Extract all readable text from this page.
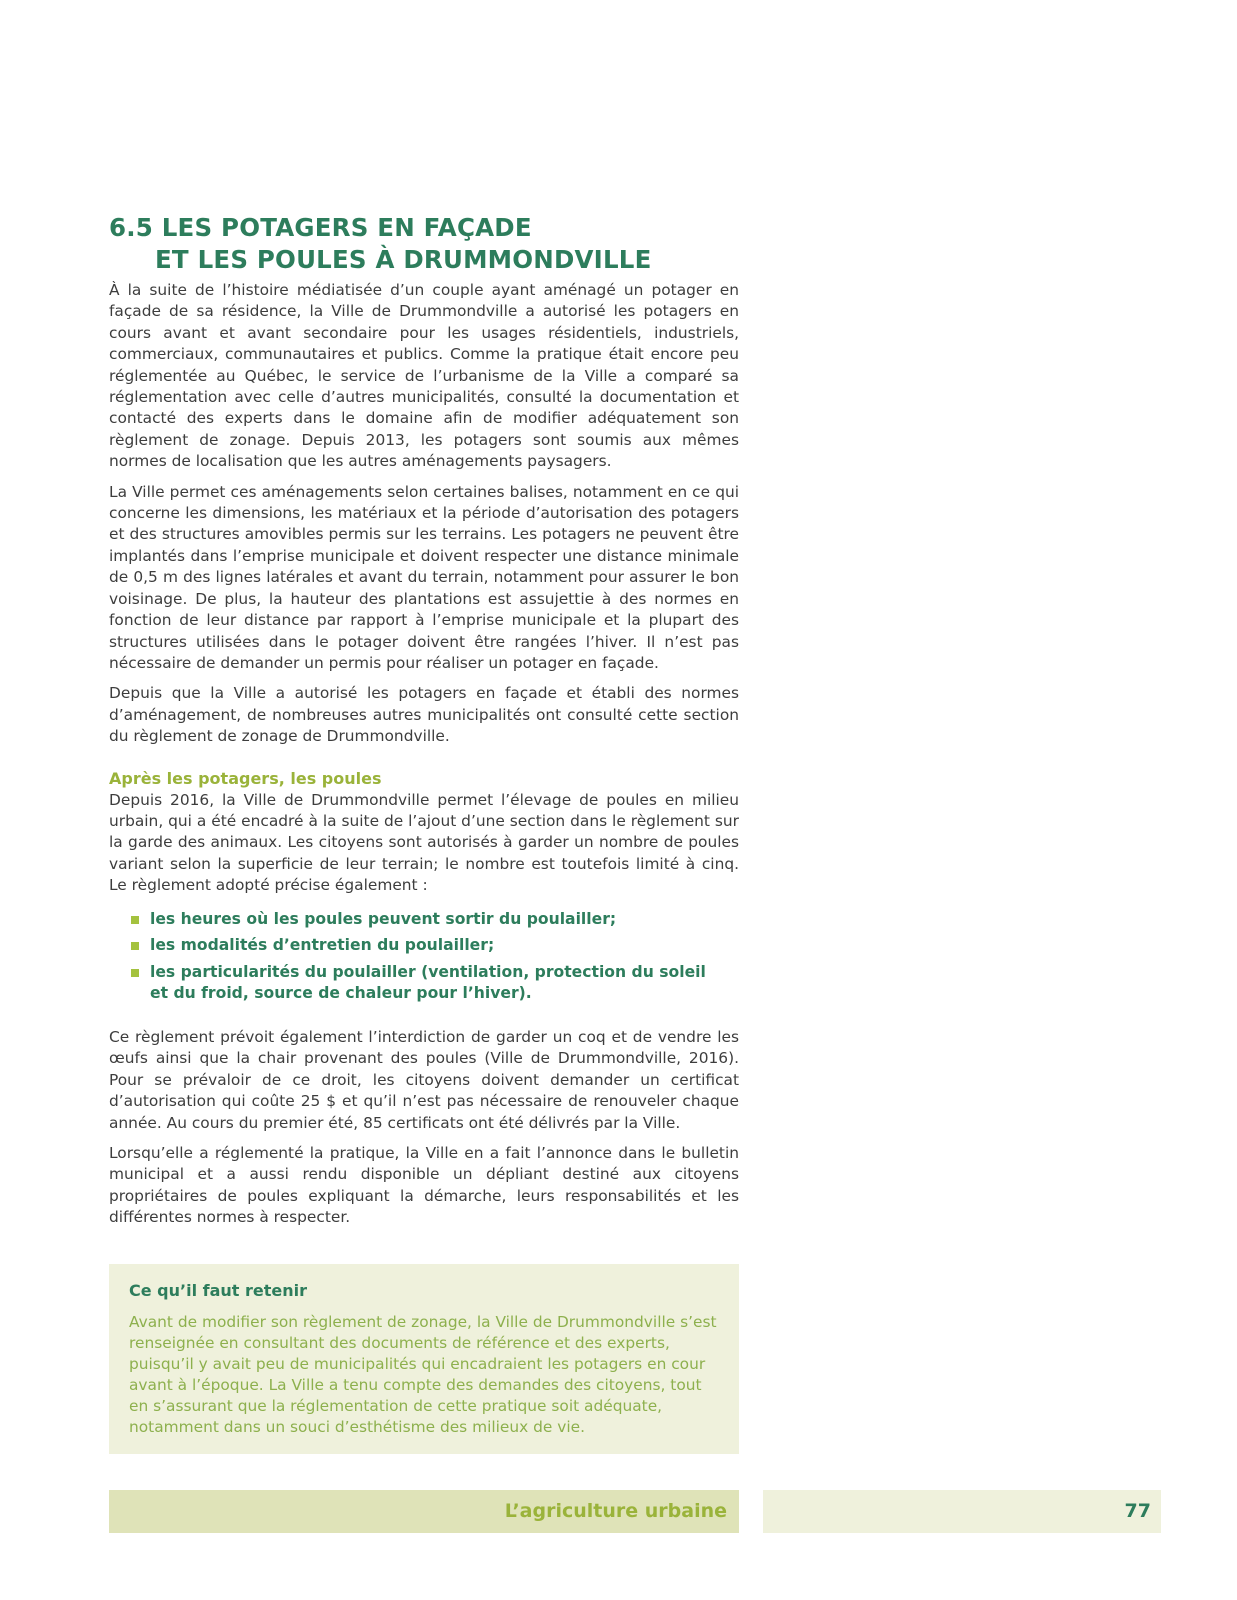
6.5 LES POTAGERS EN FAÇADE
ET LES POULES À DRUMMONDVILLE

À la suite de l’histoire médiatisée d’un couple ayant aménagé un potager en façade de sa résidence, la Ville de Drummondville a autorisé les potagers en cours avant et avant secondaire pour les usages résidentiels, industriels, commerciaux, communautaires et publics. Comme la pratique était encore peu réglementée au Québec, le service de l’urbanisme de la Ville a comparé sa réglementation avec celle d’autres municipalités, consulté la documentation et contacté des experts dans le domaine afin de modifier adéquatement son règlement de zonage. Depuis 2013, les potagers sont soumis aux mêmes normes de localisation que les autres aménagements paysagers.

La Ville permet ces aménagements selon certaines balises, notamment en ce qui concerne les dimensions, les matériaux et la période d’autorisation des potagers et des structures amovibles permis sur les terrains. Les potagers ne peuvent être implantés dans l’emprise municipale et doivent respecter une distance minimale de 0,5 m des lignes latérales et avant du terrain, notamment pour assurer le bon voisinage. De plus, la hauteur des plantations est assujettie à des normes en fonction de leur distance par rapport à l’emprise municipale et la plupart des structures utilisées dans le potager doivent être rangées l’hiver. Il n’est pas nécessaire de demander un permis pour réaliser un potager en façade.

Depuis que la Ville a autorisé les potagers en façade et établi des normes d’aménagement, de nombreuses autres municipalités ont consulté cette section du règlement de zonage de Drummondville.

Après les potagers, les poules

Depuis 2016, la Ville de Drummondville permet l’élevage de poules en milieu urbain, qui a été encadré à la suite de l’ajout d’une section dans le règlement sur la garde des animaux. Les citoyens sont autorisés à garder un nombre de poules variant selon la superficie de leur terrain; le nombre est toutefois limité à cinq. Le règlement adopté précise également :

les heures où les poules peuvent sortir du poulailler;
les modalités d’entretien du poulailler;
les particularités du poulailler (ventilation, protection du soleil et du froid, source de chaleur pour l’hiver).

Ce règlement prévoit également l’interdiction de garder un coq et de vendre les œufs ainsi que la chair provenant des poules (Ville de Drummondville, 2016). Pour se prévaloir de ce droit, les citoyens doivent demander un certificat d’autorisation qui coûte 25 $ et qu’il n’est pas nécessaire de renouveler chaque année. Au cours du premier été, 85 certificats ont été délivrés par la Ville.

Lorsqu’elle a réglementé la pratique, la Ville en a fait l’annonce dans le bulletin municipal et a aussi rendu disponible un dépliant destiné aux citoyens propriétaires de poules expliquant la démarche, leurs responsabilités et les différentes normes à respecter.

Ce qu’il faut retenir

Avant de modifier son règlement de zonage, la Ville de Drummondville s’est renseignée en consultant des documents de référence et des experts, puisqu’il y avait peu de municipalités qui encadraient les potagers en cour avant à l’époque. La Ville a tenu compte des demandes des citoyens, tout en s’assurant que la réglementation de cette pratique soit adéquate, notamment dans un souci d’esthétisme des milieux de vie.

L’agriculture urbaine	77
